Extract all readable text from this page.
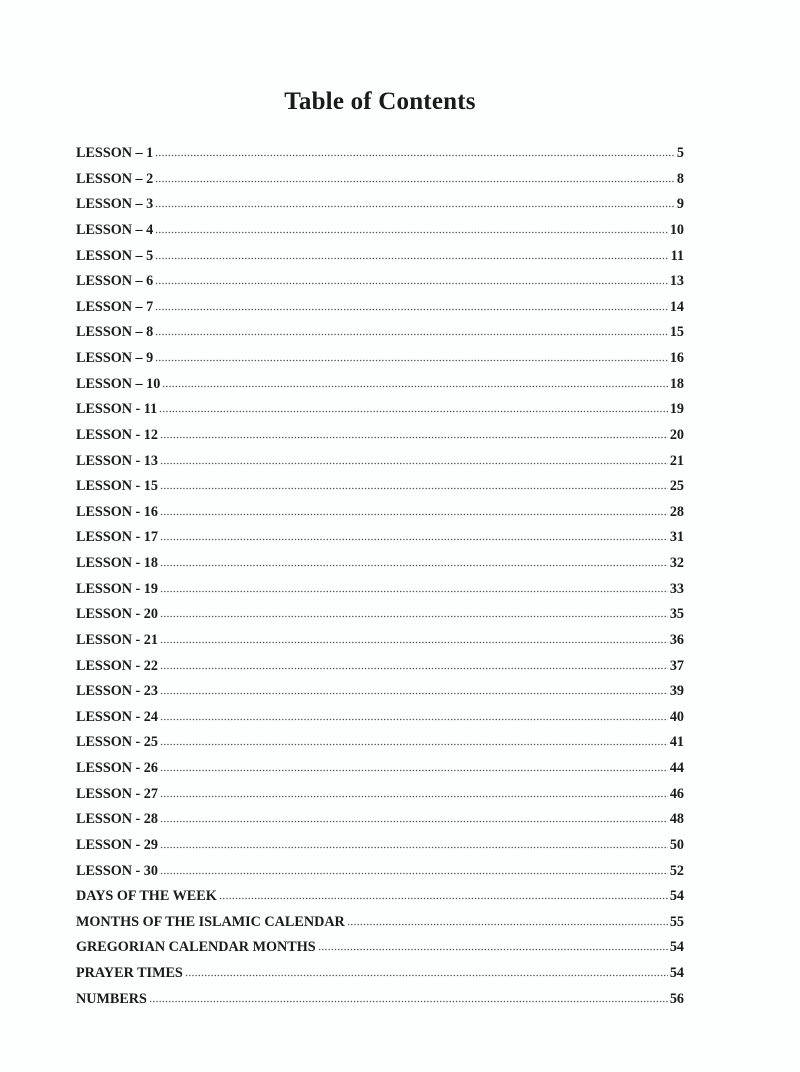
Table of Contents
LESSON – 1	5
LESSON – 2	8
LESSON – 3	9
LESSON – 4	10
LESSON – 5	11
LESSON – 6	13
LESSON – 7	14
LESSON – 8	15
LESSON – 9	16
LESSON – 10	18
LESSON - 11	19
LESSON - 12	20
LESSON - 13	21
LESSON - 15	25
LESSON - 16	28
LESSON - 17	31
LESSON - 18	32
LESSON - 19	33
LESSON - 20	35
LESSON - 21	36
LESSON - 22	37
LESSON - 23	39
LESSON - 24	40
LESSON - 25	41
LESSON - 26	44
LESSON - 27	46
LESSON - 28	48
LESSON - 29	50
LESSON - 30	52
DAYS OF THE WEEK	54
MONTHS OF THE ISLAMIC CALENDAR	55
GREGORIAN CALENDAR MONTHS	54
PRAYER TIMES	54
NUMBERS	56
